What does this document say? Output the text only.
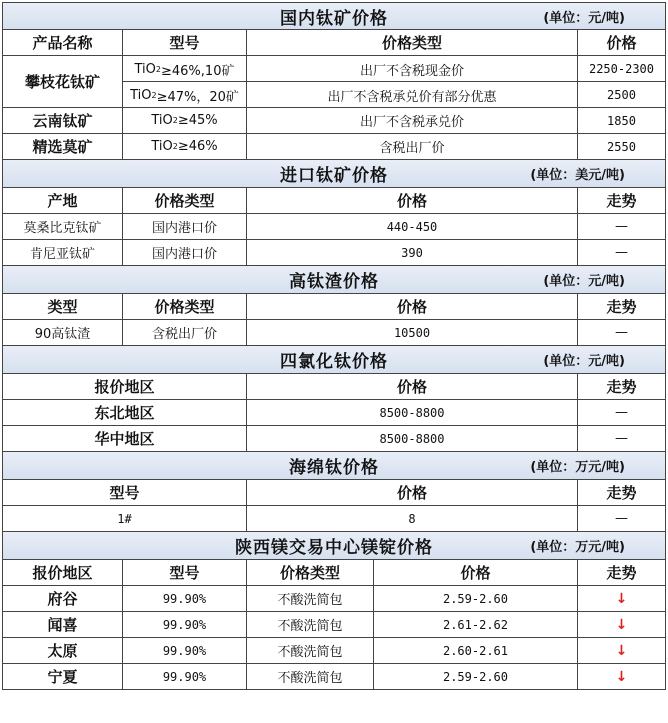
国内钛矿价格	(单位：元/吨)
产品名称	型号	价格类型	价格
攀枝花钛矿
TiO 2 ≥46%,10矿	出厂不含税现金价	2250-2300
TiO 2 ≥47%，20矿	出厂不含税承兑价有部分优惠	2500
云南钛矿	TiO 2 ≥45%	出厂不含税承兑价	1850
精选莫矿	TiO 2 ≥46%	含税出厂价	2550
进口钛矿价格	(单位：美元/吨)
产地	价格类型	价格	走势
莫桑比克钛矿	国内港口价	440-450	—
肯尼亚钛矿	国内港口价	390	—
高钛渣价格	(单位：元/吨)
类型	价格类型	价格	走势
90高钛渣	含税出厂价	10500	—
四氯化钛价格	(单位：元/吨)
报价地区	价格	走势
东北地区	8500-8800	—
华中地区	8500-8800	—
海绵钛价格	(单位：万元/吨)
型号	价格	走势
1#	8	—
陕西镁交易中心镁锭价格	(单位：万元/吨)
报价地区	型号	价格类型	价格	走势
府谷	99.90%	不酸洗简包	2.59-2.60	↓
闻喜	99.90%	不酸洗简包	2.61-2.62	↓
太原	99.90%	不酸洗简包	2.60-2.61	↓
宁夏	99.90%	不酸洗简包	2.59-2.60	↓
